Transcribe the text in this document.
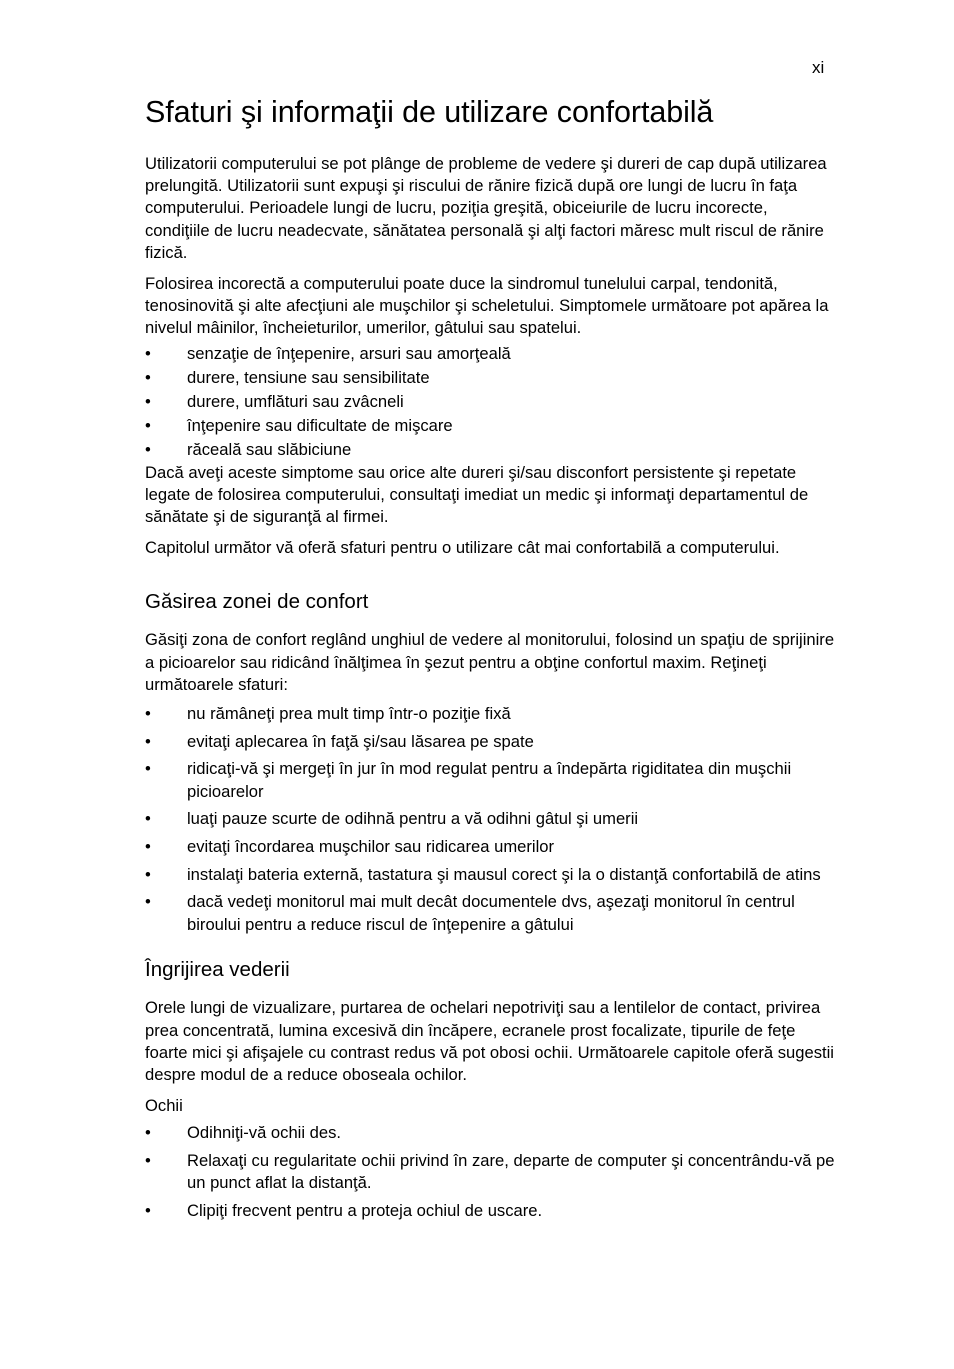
xi
Sfaturi şi informaţii de utilizare confortabilă

Utilizatorii computerului se pot plânge de probleme de vedere şi dureri de cap după utilizarea prelungită. Utilizatorii sunt expuşi şi riscului de rănire fizică după ore lungi de lucru în faţa computerului. Perioadele lungi de lucru, poziţia greşită, obiceiurile de lucru incorecte, condiţiile de lucru neadecvate, sănătatea personală şi alţi factori măresc mult riscul de rănire fizică.

Folosirea incorectă a computerului poate duce la sindromul tunelului carpal, tendonită, tenosinovită şi alte afecţiuni ale muşchilor şi scheletului. Simptomele următoare pot apărea la nivelul mâinilor, încheieturilor, umerilor, gâtului sau spatelui.

• senzaţie de înţepenire, arsuri sau amorţeală
• durere, tensiune sau sensibilitate
• durere, umflături sau zvâcneli
• înţepenire sau dificultate de mişcare
• răceală sau slăbiciune

Dacă aveţi aceste simptome sau orice alte dureri şi/sau disconfort persistente şi repetate legate de folosirea computerului, consultaţi imediat un medic şi informaţi departamentul de sănătate şi de siguranţă al firmei.

Capitolul următor vă oferă sfaturi pentru o utilizare cât mai confortabilă a computerului.

Găsirea zonei de confort

Găsiţi zona de confort reglând unghiul de vedere al monitorului, folosind un spaţiu de sprijinire a picioarelor sau ridicând înălţimea în şezut pentru a obţine confortul maxim. Reţineţi următoarele sfaturi:

• nu rămâneţi prea mult timp într-o poziţie fixă
• evitaţi aplecarea în faţă şi/sau lăsarea pe spate
• ridicaţi-vă şi mergeţi în jur în mod regulat pentru a îndepărta rigiditatea din muşchii picioarelor
• luaţi pauze scurte de odihnă pentru a vă odihni gâtul şi umerii
• evitaţi încordarea muşchilor sau ridicarea umerilor
• instalaţi bateria externă, tastatura şi mausul corect şi la o distanţă confortabilă de atins
• dacă vedeţi monitorul mai mult decât documentele dvs, aşezaţi monitorul în centrul biroului pentru a reduce riscul de înţepenire a gâtului
Îngrijirea vederii

Orele lungi de vizualizare, purtarea de ochelari nepotriviţi sau a lentilelor de contact, privirea prea concentrată, lumina excesivă din încăpere, ecranele prost focalizate, tipurile de feţe foarte mici şi afişajele cu contrast redus vă pot obosi ochii. Următoarele capitole oferă sugestii despre modul de a reduce oboseala ochilor.

Ochii

• Odihniţi-vă ochii des.
• Relaxaţi cu regularitate ochii privind în zare, departe de computer şi concentrându-vă pe un punct aflat la distanţă.
• Clipiţi frecvent pentru a proteja ochiul de uscare.
